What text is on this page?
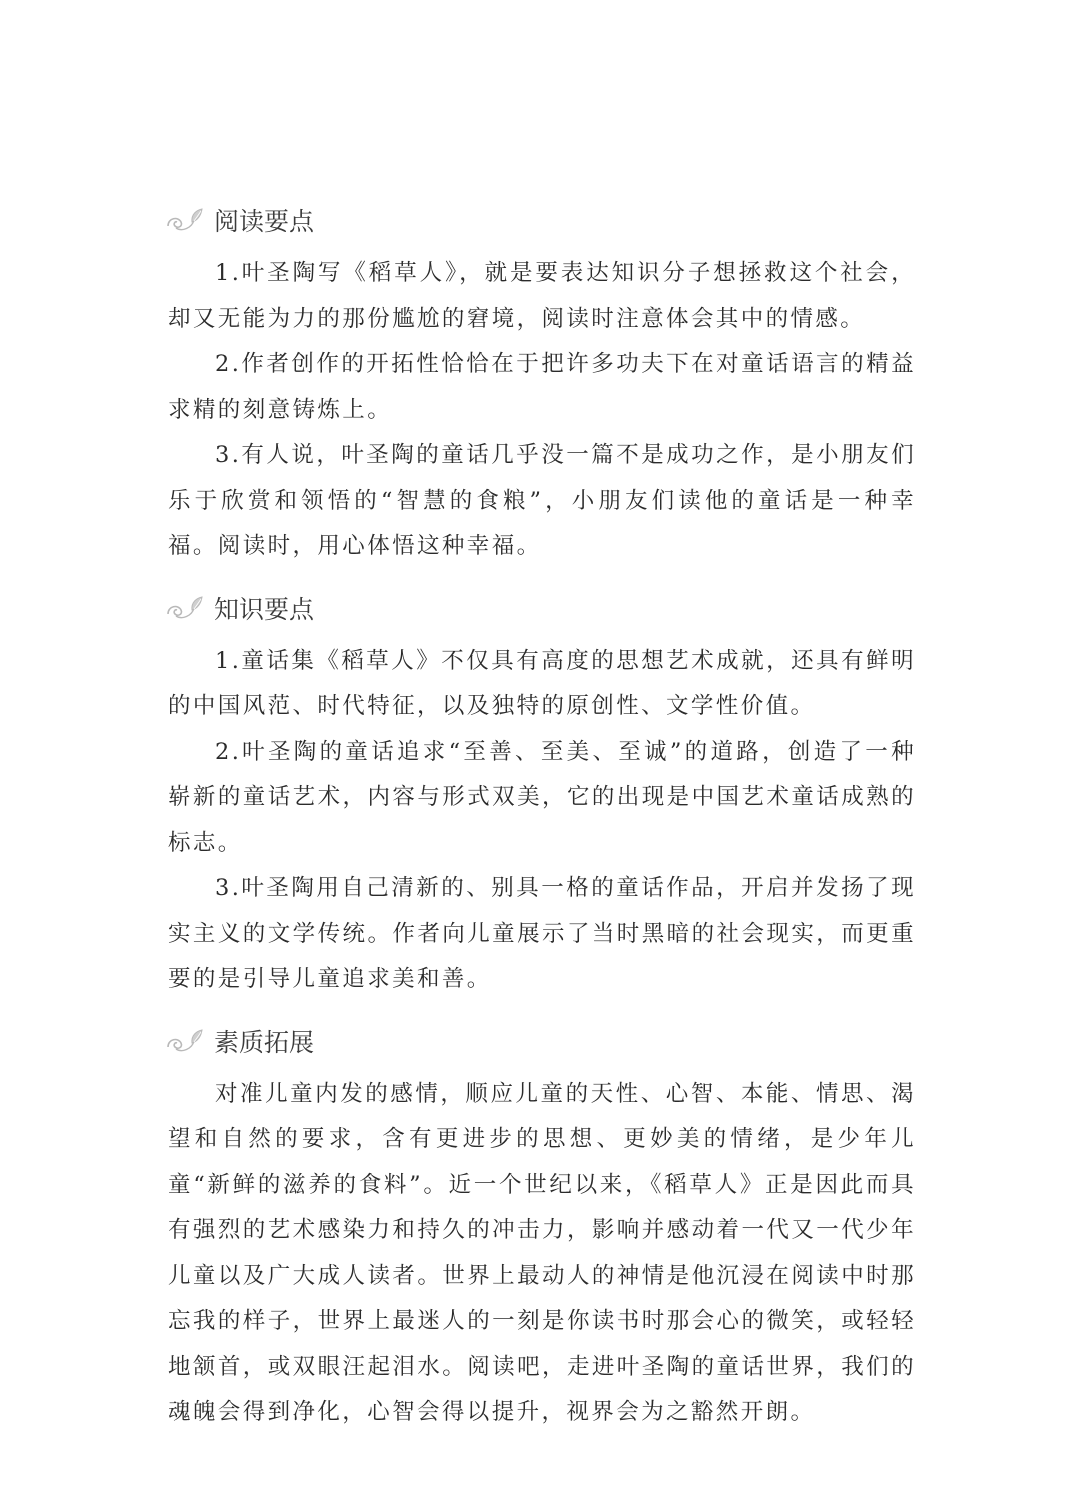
阅读要点

1.叶圣陶写《稻草人》，就是要表达知识分子想拯救这个社会，却又无能为力的那份尴尬的窘境，阅读时注意体会其中的情感。

2.作者创作的开拓性恰恰在于把许多功夫下在对童话语言的精益求精的刻意铸炼上。

3.有人说，叶圣陶的童话几乎没一篇不是成功之作，是小朋友们乐于欣赏和领悟的“智慧的食粮”，小朋友们读他的童话是一种幸福。阅读时，用心体悟这种幸福。

知识要点

1.童话集《稻草人》不仅具有高度的思想艺术成就，还具有鲜明的中国风范、时代特征，以及独特的原创性、文学性价值。

2.叶圣陶的童话追求“至善、至美、至诚”的道路，创造了一种崭新的童话艺术，内容与形式双美，它的出现是中国艺术童话成熟的标志。

3.叶圣陶用自己清新的、别具一格的童话作品，开启并发扬了现实主义的文学传统。作者向儿童展示了当时黑暗的社会现实，而更重要的是引导儿童追求美和善。

素质拓展

对准儿童内发的感情，顺应儿童的天性、心智、本能、情思、渴望和自然的要求，含有更进步的思想、更妙美的情绪，是少年儿童“新鲜的滋养的食料”。近一个世纪以来，《稻草人》正是因此而具有强烈的艺术感染力和持久的冲击力，影响并感动着一代又一代少年儿童以及广大成人读者。世界上最动人的神情是他沉浸在阅读中时那忘我的样子，世界上最迷人的一刻是你读书时那会心的微笑，或轻轻地颔首，或双眼汪起泪水。阅读吧，走进叶圣陶的童话世界，我们的魂魄会得到净化，心智会得以提升，视界会为之豁然开朗。
